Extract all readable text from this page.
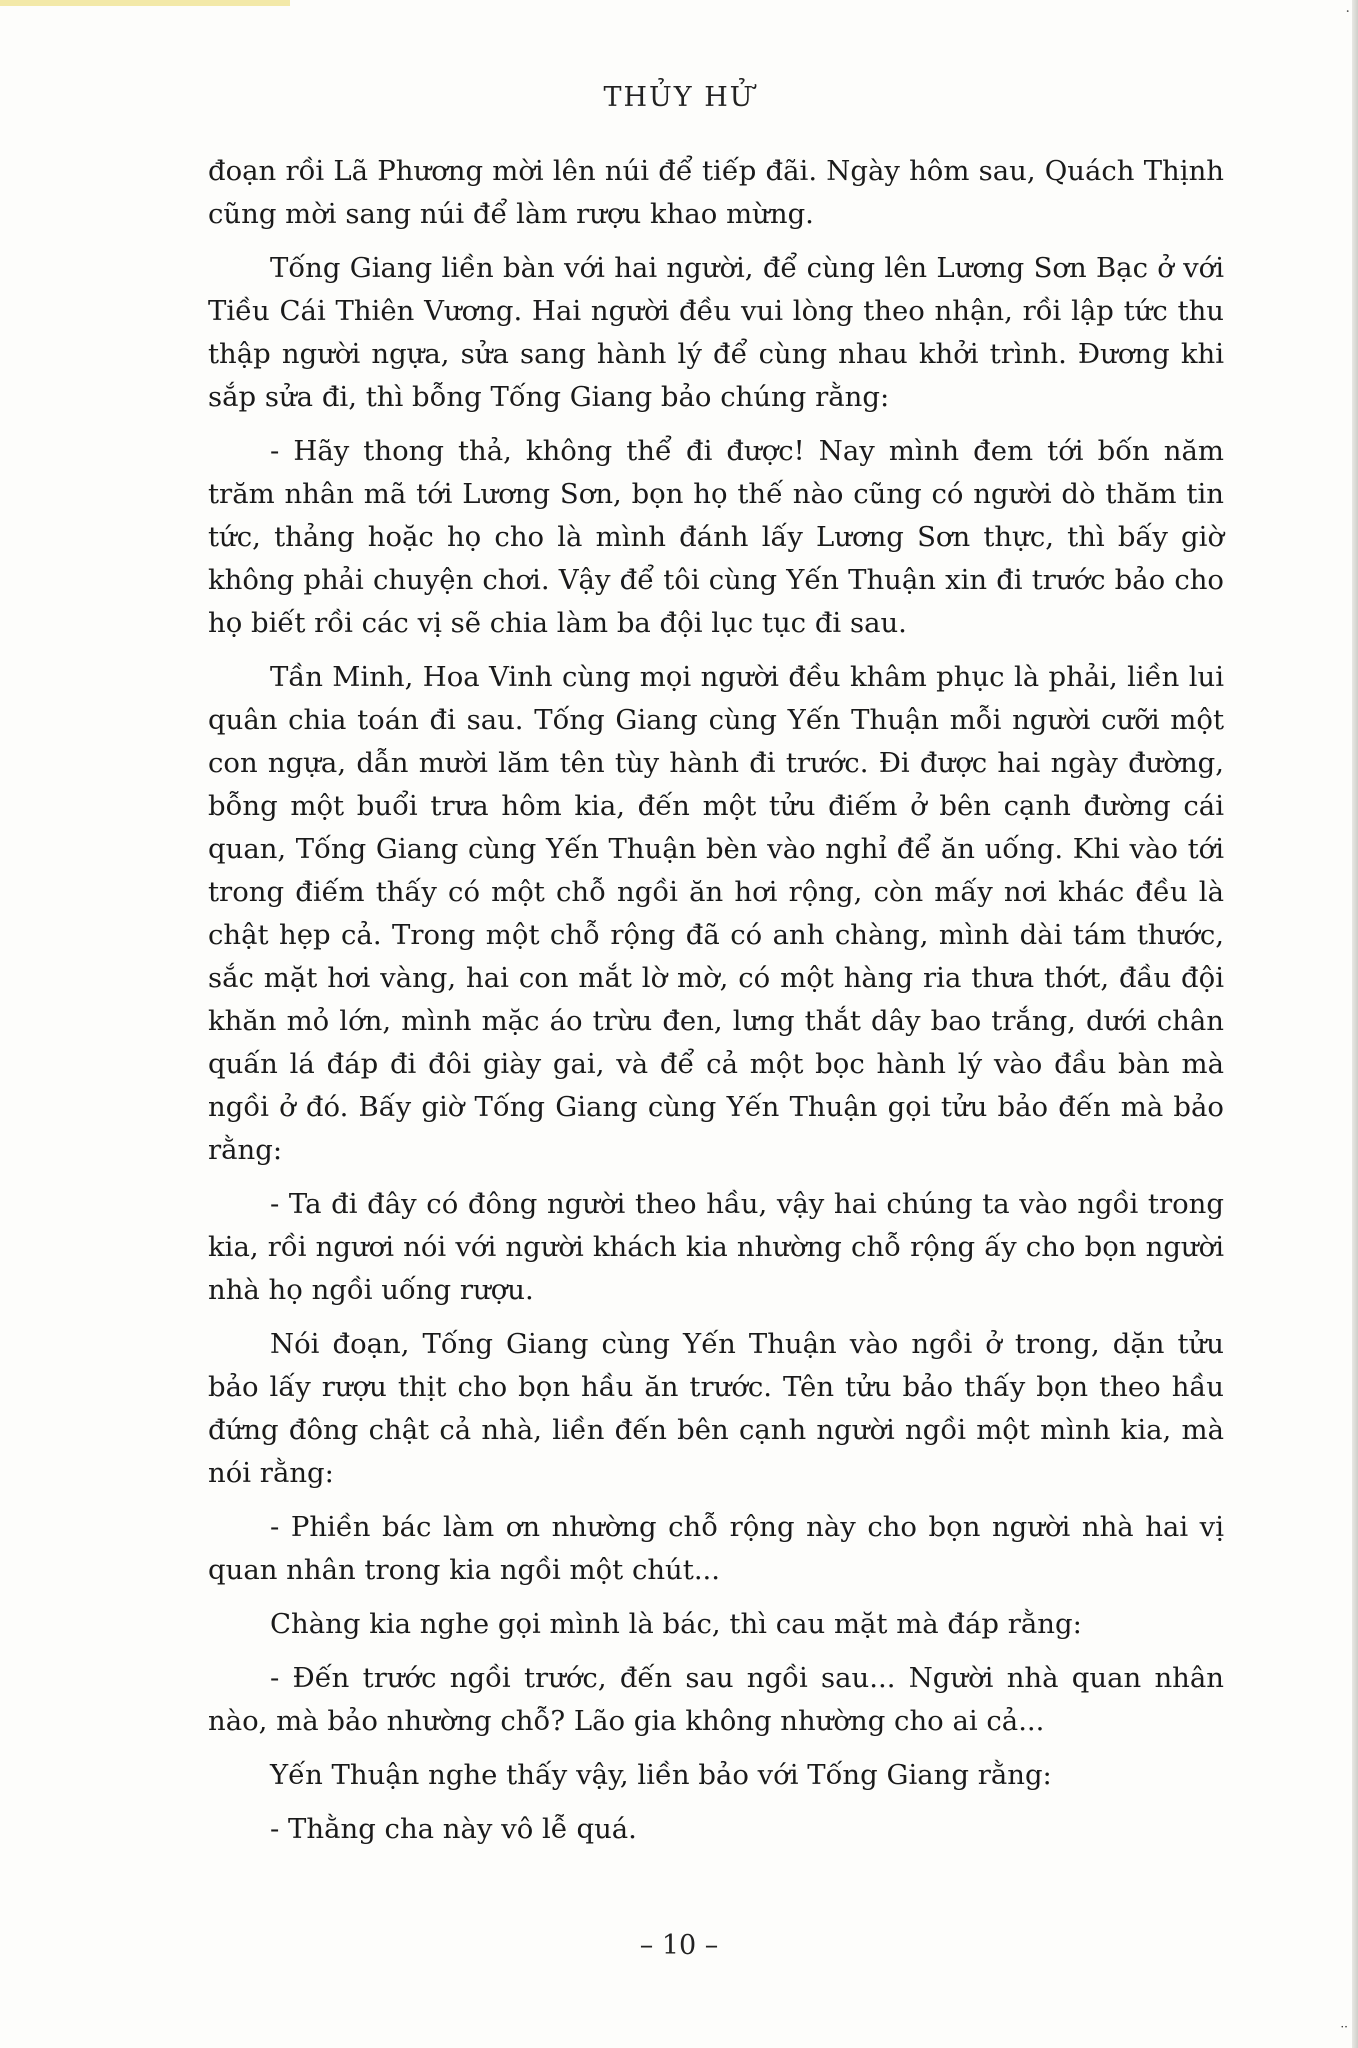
·
THỦY HỬ

đoạn rồi Lã Phương mời lên núi để tiếp đãi. Ngày hôm sau, Quách Thịnh cũng mời sang núi để làm rượu khao mừng.

Tống Giang liền bàn với hai người, để cùng lên Lương Sơn Bạc ở với Tiều Cái Thiên Vương. Hai người đều vui lòng theo nhận, rồi lập tức thu thập người ngựa, sửa sang hành lý để cùng nhau khởi trình. Đương khi sắp sửa đi, thì bỗng Tống Giang bảo chúng rằng:

- Hãy thong thả, không thể đi được! Nay mình đem tới bốn năm trăm nhân mã tới Lương Sơn, bọn họ thế nào cũng có người dò thăm tin tức, thảng hoặc họ cho là mình đánh lấy Lương Sơn thực, thì bấy giờ không phải chuyện chơi. Vậy để tôi cùng Yến Thuận xin đi trước bảo cho họ biết rồi các vị sẽ chia làm ba đội lục tục đi sau.

Tần Minh, Hoa Vinh cùng mọi người đều khâm phục là phải, liền lui quân chia toán đi sau. Tống Giang cùng Yến Thuận mỗi người cưỡi một con ngựa, dẫn mười lăm tên tùy hành đi trước. Đi được hai ngày đường, bỗng một buổi trưa hôm kia, đến một tửu điếm ở bên cạnh đường cái quan, Tống Giang cùng Yến Thuận bèn vào nghỉ để ăn uống. Khi vào tới trong điếm thấy có một chỗ ngồi ăn hơi rộng, còn mấy nơi khác đều là chật hẹp cả. Trong một chỗ rộng đã có anh chàng, mình dài tám thước, sắc mặt hơi vàng, hai con mắt lờ mờ, có một hàng ria thưa thớt, đầu đội khăn mỏ lớn, mình mặc áo trừu đen, lưng thắt dây bao trắng, dưới chân quấn lá đáp đi đôi giày gai, và để cả một bọc hành lý vào đầu bàn mà ngồi ở đó. Bấy giờ Tống Giang cùng Yến Thuận gọi tửu bảo đến mà bảo rằng:

- Ta đi đây có đông người theo hầu, vậy hai chúng ta vào ngồi trong kia, rồi ngươi nói với người khách kia nhường chỗ rộng ấy cho bọn người nhà họ ngồi uống rượu.

Nói đoạn, Tống Giang cùng Yến Thuận vào ngồi ở trong, dặn tửu bảo lấy rượu thịt cho bọn hầu ăn trước. Tên tửu bảo thấy bọn theo hầu đứng đông chật cả nhà, liền đến bên cạnh người ngồi một mình kia, mà nói rằng:

- Phiền bác làm ơn nhường chỗ rộng này cho bọn người nhà hai vị quan nhân trong kia ngồi một chút...

Chàng kia nghe gọi mình là bác, thì cau mặt mà đáp rằng:

- Đến trước ngồi trước, đến sau ngồi sau... Người nhà quan nhân nào, mà bảo nhường chỗ? Lão gia không nhường cho ai cả...

Yến Thuận nghe thấy vậy, liền bảo với Tống Giang rằng:

- Thằng cha này vô lễ quá.

– 10 –
··
